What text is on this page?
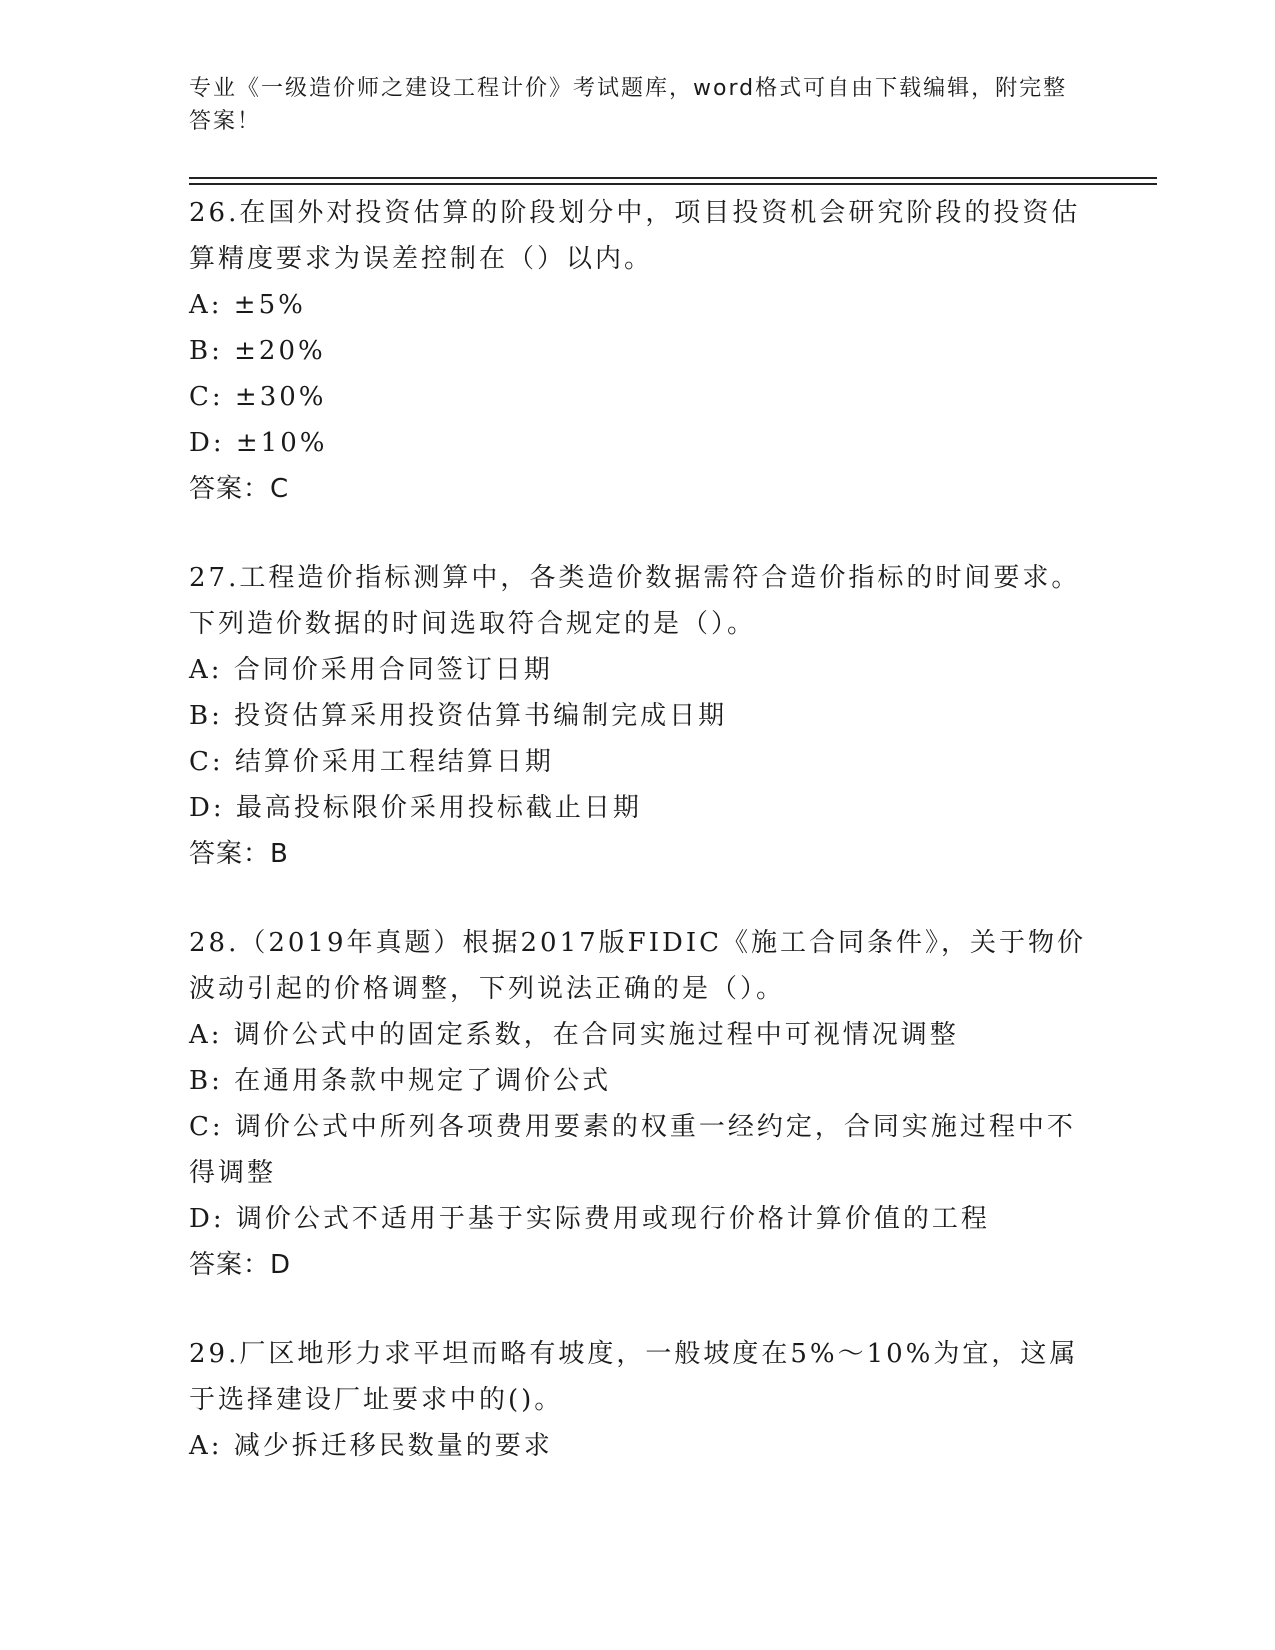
专业《一级造价师之建设工程计价》考试题库，word格式可自由下载编辑，附完整答案！
26.在国外对投资估算的阶段划分中，项目投资机会研究阶段的投资估算精度要求为误差控制在（）以内。
A: ±5%
B: ±20%
C: ±30%
D: ±10%
答案：C
27.工程造价指标测算中，各类造价数据需符合造价指标的时间要求。下列造价数据的时间选取符合规定的是（）。
A: 合同价采用合同签订日期
B: 投资估算采用投资估算书编制完成日期
C: 结算价采用工程结算日期
D: 最高投标限价采用投标截止日期
答案：B
28.（2019年真题）根据2017版FIDIC《施工合同条件》，关于物价波动引起的价格调整，下列说法正确的是（）。
A: 调价公式中的固定系数，在合同实施过程中可视情况调整
B: 在通用条款中规定了调价公式
C: 调价公式中所列各项费用要素的权重一经约定，合同实施过程中不得调整
D: 调价公式不适用于基于实际费用或现行价格计算价值的工程
答案：D
29.厂区地形力求平坦而略有坡度，一般坡度在5%～10%为宜，这属于选择建设厂址要求中的()。
A: 减少拆迁移民数量的要求
